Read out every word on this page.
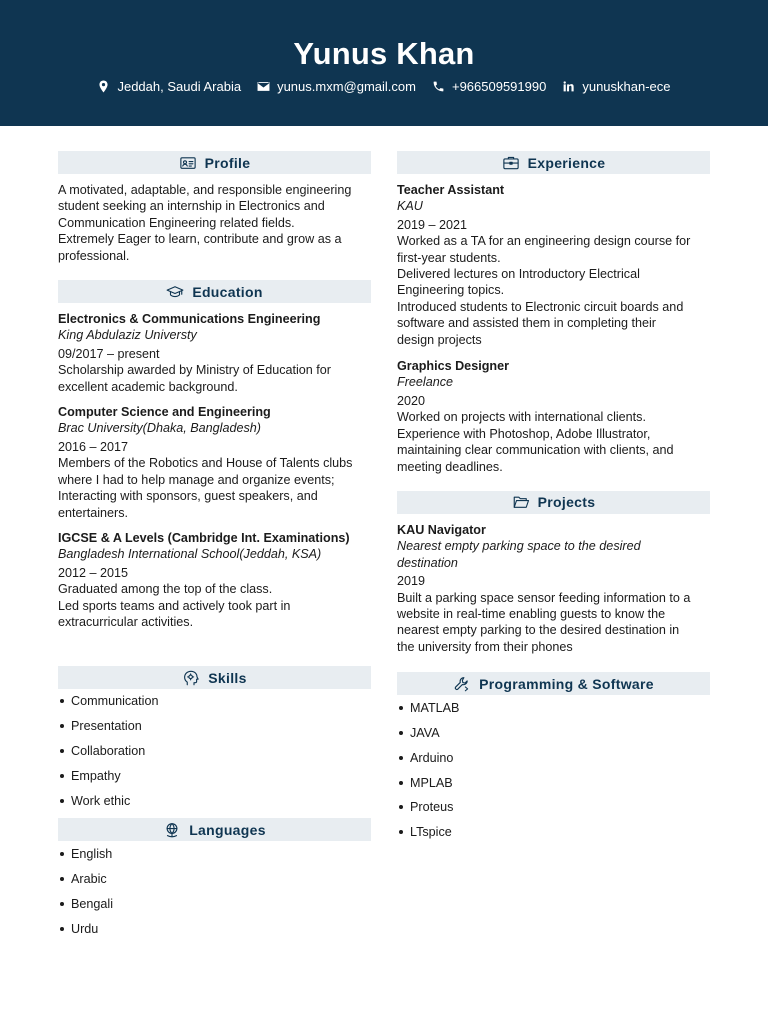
Yunus Khan
Jeddah, Saudi Arabia	yunus.mxm@gmail.com	+966509591990	yunuskhan-ece
Profile
A motivated, adaptable, and responsible engineering
student seeking an internship in Electronics and
Communication Engineering related fields.
Extremely Eager to learn, contribute and grow as a
professional.
Education
Electronics & Communications Engineering
King Abdulaziz Universty
09/2017 – present
Scholarship awarded by Ministry of Education for
excellent academic background.
Computer Science and Engineering
Brac University(Dhaka, Bangladesh)
2016 – 2017
Members of the Robotics and House of Talents clubs
where I had to help manage and organize events;
Interacting with sponsors, guest speakers, and
entertainers.
IGCSE & A Levels (Cambridge Int. Examinations)
Bangladesh International School(Jeddah, KSA)
2012 – 2015
Graduated among the top of the class.
Led sports teams and actively took part in
extracurricular activities.
Skills
Communication
Presentation
Collaboration
Empathy
Work ethic
Languages
English
Arabic
Bengali
Urdu
Experience
Teacher Assistant
KAU
2019 – 2021
Worked as a TA for an engineering design course for
first-year students.
Delivered lectures on Introductory Electrical
Engineering topics.
Introduced students to Electronic circuit boards and
software and assisted them in completing their
design projects
Graphics Designer
Freelance
2020
Worked on projects with international clients.
Experience with Photoshop, Adobe Illustrator,
maintaining clear communication with clients, and
meeting deadlines.
Projects
KAU Navigator
Nearest empty parking space to the desired
destination
2019
Built a parking space sensor feeding information to a
website in real-time enabling guests to know the
nearest empty parking to the desired destination in
the university from their phones
Programming & Software
MATLAB
JAVA
Arduino
MPLAB
Proteus
LTspice
